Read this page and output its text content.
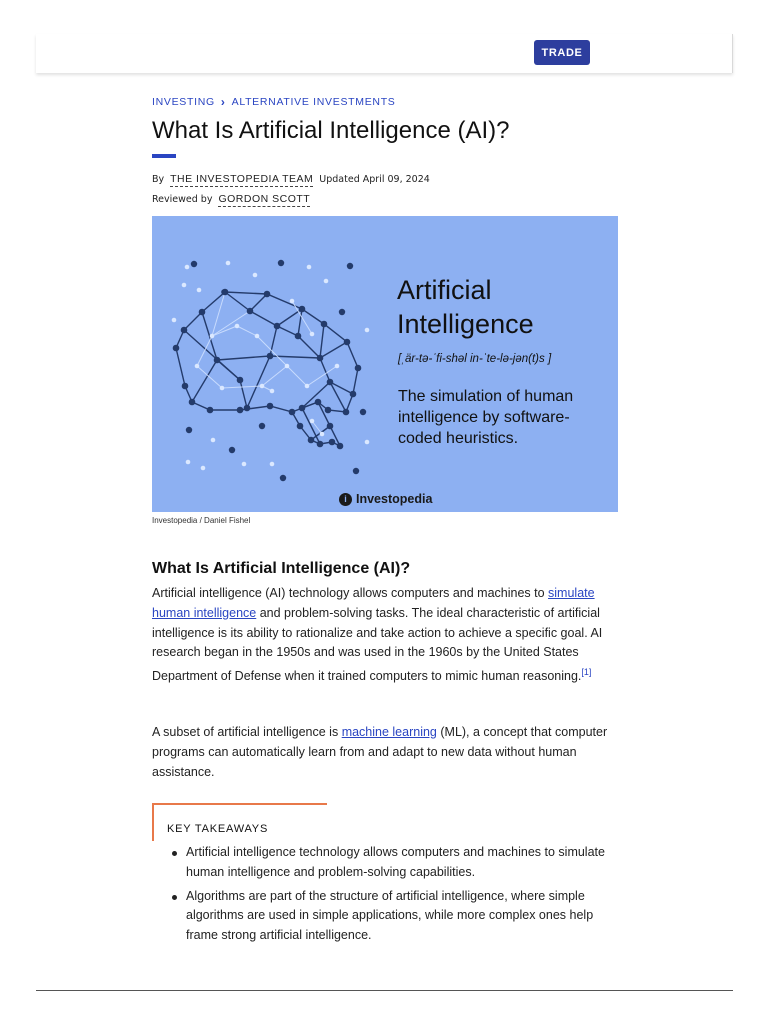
TRADE
INVESTING › ALTERNATIVE INVESTMENTS
What Is Artificial Intelligence (AI)?
By THE INVESTOPEDIA TEAM Updated April 09, 2024
Reviewed by GORDON SCOTT
Artificial
Intelligence
[ˌär-tə-ˈfi-shəl in-ˈte-lə-jən(t)s ]
The simulation of human intelligence by software-coded heuristics.
i Investopedia
Investopedia / Daniel Fishel
What Is Artificial Intelligence (AI)?

Artificial intelligence (AI) technology allows computers and machines to simulate human intelligence and problem-solving tasks. The ideal characteristic of artificial intelligence is its ability to rationalize and take action to achieve a specific goal. AI research began in the 1950s and was used in the 1960s by the United States Department of Defense when it trained computers to mimic human reasoning.[1]

A subset of artificial intelligence is machine learning (ML), a concept that computer programs can automatically learn from and adapt to new data without human assistance.

KEY TAKEAWAYS
Artificial intelligence technology allows computers and machines to simulate human intelligence and problem-solving capabilities.
Algorithms are part of the structure of artificial intelligence, where simple algorithms are used in simple applications, while more complex ones help frame strong artificial intelligence.
